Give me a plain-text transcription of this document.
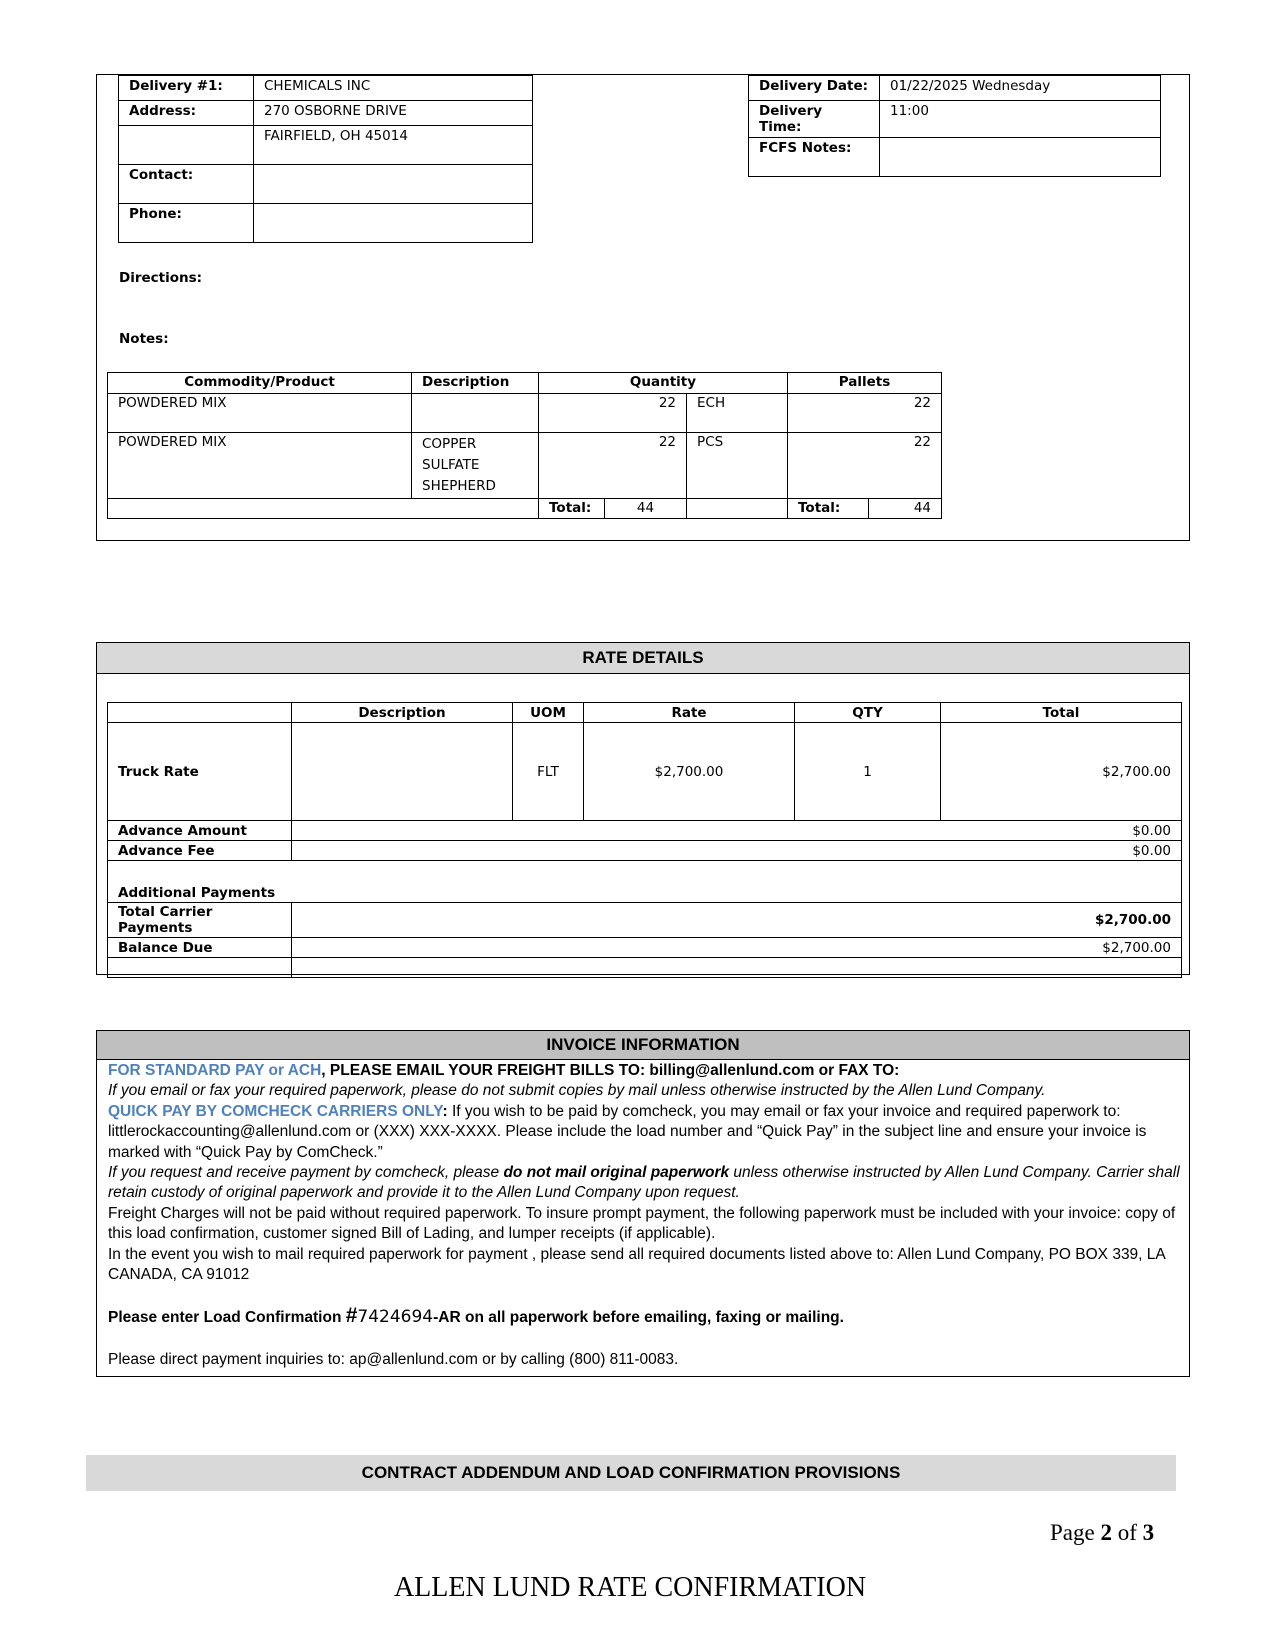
Delivery #1:	CHEMICALS INC
Address:	270 OSBORNE DRIVE
	FAIRFIELD, OH 45014
Contact:	
Phone:	
Delivery Date:	01/22/2025 Wednesday
Delivery Time:	11:00
FCFS Notes:	
Directions:
Notes:
Commodity/Product	Description	Quantity			Pallets	
POWDERED MIX		22		ECH	22	
POWDERED MIX	COPPER SULFATE SHEPHERD	22		PCS	22	
		Total:	44		Total:	44
RATE DETAILS
	Description	UOM	Rate	QTY	Total
Truck Rate		FLT	$2,700.00	1	$2,700.00
Advance Amount	$0.00				
Advance Fee	$0.00				
Additional Payments					
Total Carrier Payments	$2,700.00				
Balance Due	$2,700.00				

INVOICE INFORMATION

FOR STANDARD PAY or ACH, PLEASE EMAIL YOUR FREIGHT BILLS TO: billing@allenlund.com or FAX TO:

If you email or fax your required paperwork, please do not submit copies by mail unless otherwise instructed by the Allen Lund Company.

QUICK PAY BY COMCHECK CARRIERS ONLY: If you wish to be paid by comcheck, you may email or fax your invoice and required paperwork to: littlerockaccounting@allenlund.com or (XXX) XXX-XXXX. Please include the load number and “Quick Pay” in the subject line and ensure your invoice is marked with “Quick Pay by ComCheck.”

If you request and receive payment by comcheck, please do not mail original paperwork unless otherwise instructed by Allen Lund Company. Carrier shall retain custody of original paperwork and provide it to the Allen Lund Company upon request.

Freight Charges will not be paid without required paperwork. To insure prompt payment, the following paperwork must be included with your invoice: copy of this load confirmation, customer signed Bill of Lading, and lumper receipts (if applicable).

In the event you wish to mail required paperwork for payment , please send all required documents listed above to: Allen Lund Company, PO BOX 339, LA CANADA, CA 91012

Please enter Load Confirmation #7424694-AR on all paperwork before emailing, faxing or mailing.

Please direct payment inquiries to: ap@allenlund.com or by calling (800) 811-0083.

CONTRACT ADDENDUM AND LOAD CONFIRMATION PROVISIONS
Page 2 of 3
ALLEN LUND RATE CONFIRMATION
